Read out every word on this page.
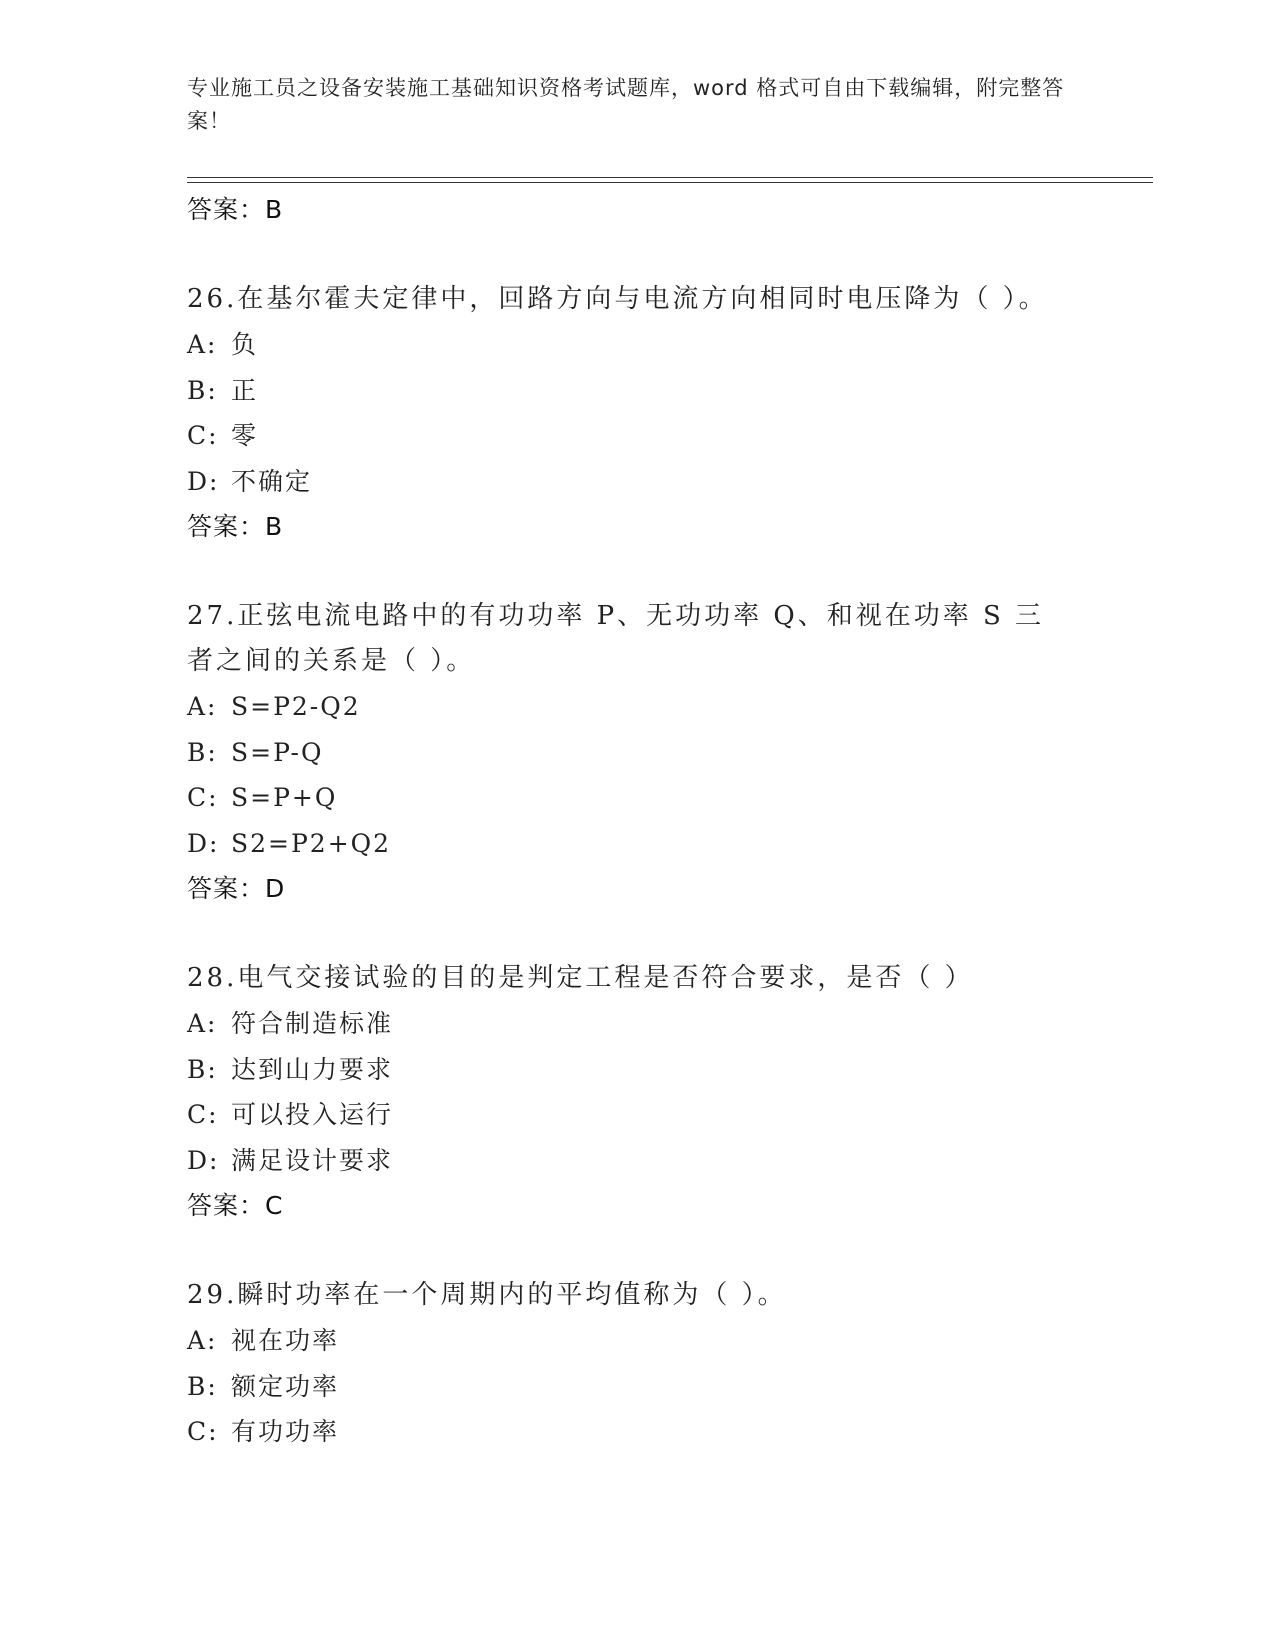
专业施工员之设备安装施工基础知识资格考试题库，word 格式可自由下载编辑，附完整答案！
答案：B
26.在基尔霍夫定律中，回路方向与电流方向相同时电压降为（ ）。
A: 负
B: 正
C: 零
D: 不确定
答案：B
27.正弦电流电路中的有功功率 P、无功功率 Q、和视在功率 S 三者之间的关系是（ ）。
A: S=P2-Q2
B: S=P-Q
C: S=P+Q
D: S2=P2+Q2
答案：D
28.电气交接试验的目的是判定工程是否符合要求，是否（ ）
A: 符合制造标准
B: 达到山力要求
C: 可以投入运行
D: 满足设计要求
答案：C
29.瞬时功率在一个周期内的平均值称为（ ）。
A: 视在功率
B: 额定功率
C: 有功功率
